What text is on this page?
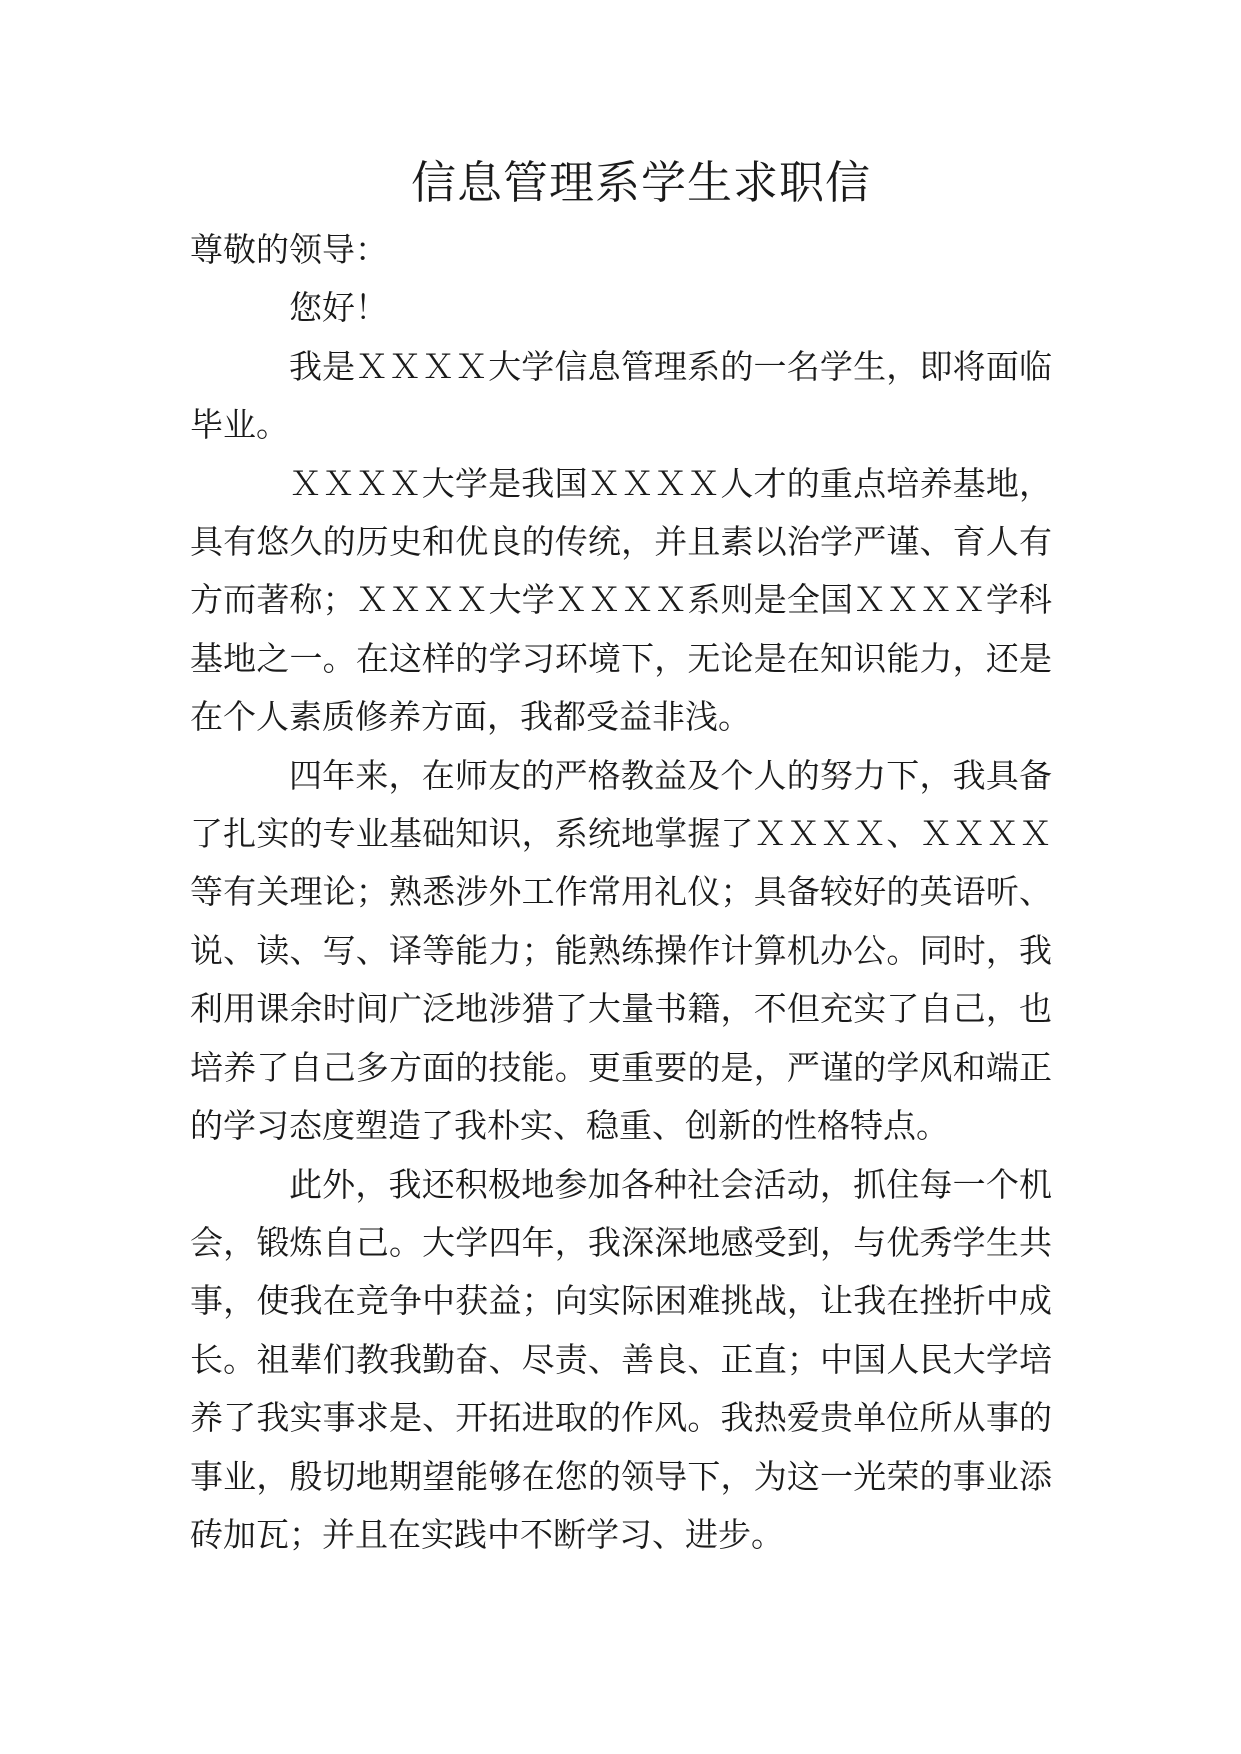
信息管理系学生求职信

尊敬的领导：

您好！

我是ＸＸＸＸ大学信息管理系的一名学生，即将面临毕业。

ＸＸＸＸ大学是我国ＸＸＸＸ人才的重点培养基地，具有悠久的历史和优良的传统，并且素以治学严谨、育人有方而著称；ＸＸＸＸ大学ＸＸＸＸ系则是全国ＸＸＸＸ学科基地之一。在这样的学习环境下，无论是在知识能力，还是在个人素质修养方面，我都受益非浅。

四年来，在师友的严格教益及个人的努力下，我具备了扎实的专业基础知识，系统地掌握了ＸＸＸＸ、ＸＸＸＸ等有关理论；熟悉涉外工作常用礼仪；具备较好的英语听、说、读、写、译等能力；能熟练操作计算机办公。同时，我利用课余时间广泛地涉猎了大量书籍，不但充实了自己，也培养了自己多方面的技能。更重要的是，严谨的学风和端正的学习态度塑造了我朴实、稳重、创新的性格特点。

此外，我还积极地参加各种社会活动，抓住每一个机会，锻炼自己。大学四年，我深深地感受到，与优秀学生共事，使我在竞争中获益；向实际困难挑战，让我在挫折中成长。祖辈们教我勤奋、尽责、善良、正直；中国人民大学培养了我实事求是、开拓进取的作风。我热爱贵单位所从事的事业，殷切地期望能够在您的领导下，为这一光荣的事业添砖加瓦；并且在实践中不断学习、进步。
